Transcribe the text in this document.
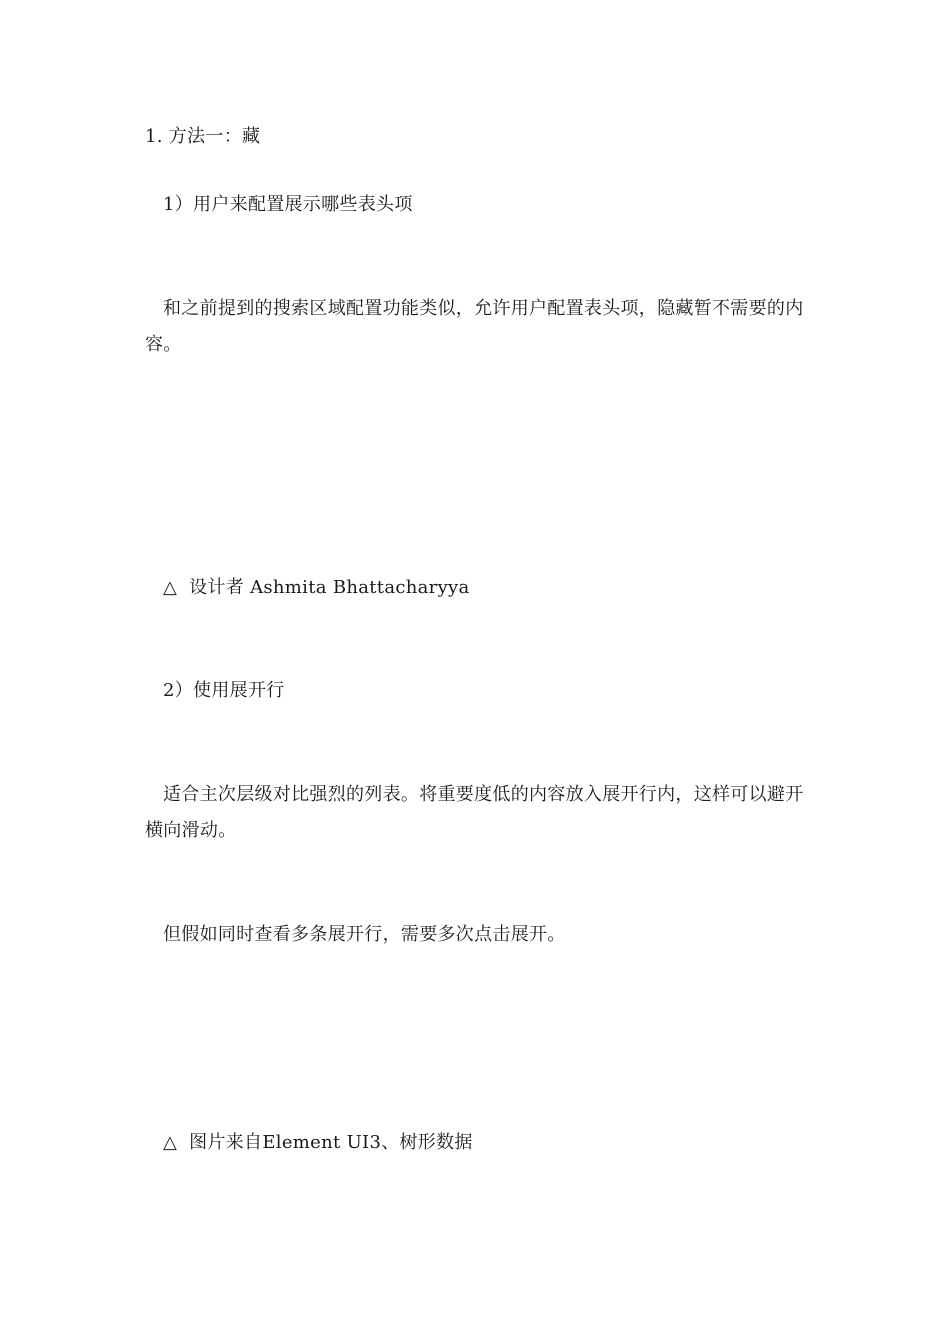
1. 方法一：藏
1）用户来配置展示哪些表头项
和之前提到的搜索区域配置功能类似，允许用户配置表头项，隐藏暂不需要的内容。
△ 设计者 Ashmita Bhattacharyya
2）使用展开行
适合主次层级对比强烈的列表。将重要度低的内容放入展开行内，这样可以避开横向滑动。
但假如同时查看多条展开行，需要多次点击展开。
△ 图片来自Element UI3、树形数据
